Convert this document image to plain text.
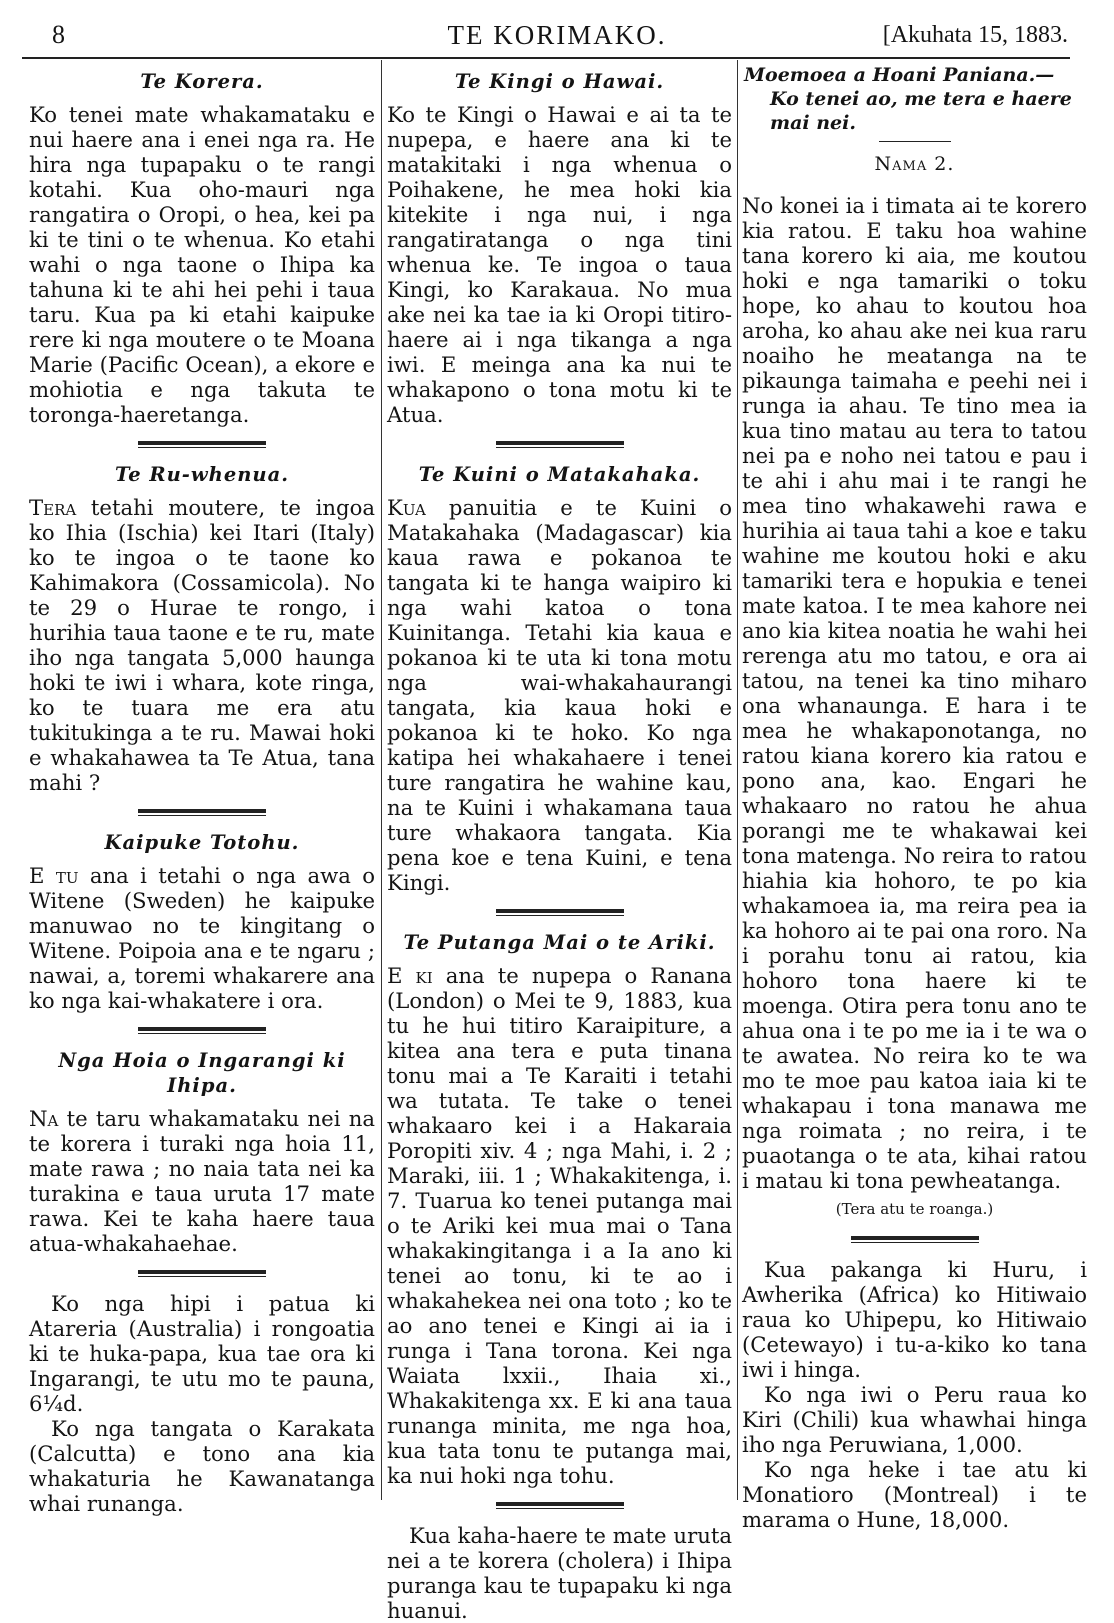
8	TE KORIMAKO.	[Akuhata 15, 1883.
Te Korera.

Ko tenei mate whakamataku e nui haere ana i enei nga ra. He hira nga tupapaku o te rangi kotahi. Kua oho-mauri nga rangatira o Oropi, o hea, kei pa ki te tini o te whenua. Ko etahi wahi o nga taone o Ihipa ka tahuna ki te ahi hei pehi i taua taru. Kua pa ki etahi kaipuke rere ki nga moutere o te Moana Marie (Pacific Ocean), a ekore e mohiotia e nga takuta te toronga-haeretanga.

Te Ru-whenua.

Tera tetahi moutere, te ingoa ko Ihia (Ischia) kei Itari (Italy) ko te ingoa o te taone ko Kahimakora (Cossamicola). No te 29 o Hurae te rongo, i hurihia taua taone e te ru, mate iho nga tangata 5,000 haunga hoki te iwi i whara, kote ringa, ko te tuara me era atu tukitukinga a te ru. Mawai hoki e whakahawea ta Te Atua, tana mahi ?

Kaipuke Totohu.

E tu ana i tetahi o nga awa o Witene (Sweden) he kaipuke manuwao no te kingitang o Witene. Poipoia ana e te ngaru ; nawai, a, toremi whakarere ana ko nga kai-whakatere i ora.

Nga Hoia o Ingarangi ki Ihipa.

Na te taru whakamataku nei na te korera i turaki nga hoia 11, mate rawa ; no naia tata nei ka turakina e taua uruta 17 mate rawa. Kei te kaha haere taua atua-whakahaehae.

Ko nga hipi i patua ki Atareria (Australia) i rongoatia ki te huka-papa, kua tae ora ki Ingarangi, te utu mo te pauna, 6¼d.

Ko nga tangata o Karakata (Calcutta) e tono ana kia whakaturia he Kawanatanga whai runanga.

Te Kingi o Hawai.

Ko te Kingi o Hawai e ai ta te nupepa, e haere ana ki te matakitaki i nga whenua o Poihakene, he mea hoki kia kitekite i nga nui, i nga rangatiratanga o nga tini whenua ke. Te ingoa o taua Kingi, ko Karakaua. No mua ake nei ka tae ia ki Oropi titiro-haere ai i nga tikanga a nga iwi. E meinga ana ka nui te whakapono o tona motu ki te Atua.

Te Kuini o Matakahaka.

Kua panuitia e te Kuini o Matakahaka (Madagascar) kia kaua rawa e pokanoa te tangata ki te hanga waipiro ki nga wahi katoa o tona Kuinitanga. Tetahi kia kaua e pokanoa ki te uta ki tona motu nga wai-whakahaurangi tangata, kia kaua hoki e pokanoa ki te hoko. Ko nga katipa hei whakahaere i tenei ture rangatira he wahine kau, na te Kuini i whakamana taua ture whakaora tangata. Kia pena koe e tena Kuini, e tena Kingi.

Te Putanga Mai o te Ariki.

E ki ana te nupepa o Ranana (London) o Mei te 9, 1883, kua tu he hui titiro Karaipiture, a kitea ana tera e puta tinana tonu mai a Te Karaiti i tetahi wa tutata. Te take o tenei whakaaro kei i a Hakaraia Poropiti xiv. 4 ; nga Mahi, i. 2 ; Maraki, iii. 1 ; Whakakitenga, i. 7. Tuarua ko tenei putanga mai o te Ariki kei mua mai o Tana whakakingitanga i a Ia ano ki tenei ao tonu, ki te ao i whakahekea nei ona toto ; ko te ao ano tenei e Kingi ai ia i runga i Tana torona. Kei nga Waiata lxxii., Ihaia xi., Whakakitenga xx. E ki ana taua runanga minita, me nga hoa, kua tata tonu te putanga mai, ka nui hoki nga tohu.

Kua kaha-haere te mate uruta nei a te korera (cholera) i Ihipa puranga kau te tupapaku ki nga huanui.

Moemoea a Hoani Paniana.—
Ko tenei ao, me tera e haere mai nei.
Nama 2.

No konei ia i timata ai te korero kia ratou. E taku hoa wahine tana korero ki aia, me koutou hoki e nga tamariki o toku hope, ko ahau to koutou hoa aroha, ko ahau ake nei kua raru noaiho he meatanga na te pikaunga taimaha e peehi nei i runga ia ahau. Te tino mea ia kua tino matau au tera to tatou nei pa e noho nei tatou e pau i te ahi i ahu mai i te rangi he mea tino whakawehi rawa e hurihia ai taua tahi a koe e taku wahine me koutou hoki e aku tamariki tera e hopukia e tenei mate katoa. I te mea kahore nei ano kia kitea noatia he wahi hei rerenga atu mo tatou, e ora ai tatou, na tenei ka tino miharo ona whanaunga. E hara i te mea he whakaponotanga, no ratou kiana korero kia ratou e pono ana, kao. Engari he whakaaro no ratou he ahua porangi me te whakawai kei tona matenga. No reira to ratou hiahia kia hohoro, te po kia whakamoea ia, ma reira pea ia ka hohoro ai te pai ona roro. Na i porahu tonu ai ratou, kia hohoro tona haere ki te moenga. Otira pera tonu ano te ahua ona i te po me ia i te wa o te awatea. No reira ko te wa mo te moe pau katoa iaia ki te whakapau i tona manawa me nga roimata ; no reira, i te puaotanga o te ata, kihai ratou i matau ki tona pewheatanga.

(Tera atu te roanga.)

Kua pakanga ki Huru, i Awherika (Africa) ko Hitiwaio raua ko Uhipepu, ko Hitiwaio (Cetewayo) i tu-a-kiko ko tana iwi i hinga.

Ko nga iwi o Peru raua ko Kiri (Chili) kua whawhai hinga iho nga Peruwiana, 1,000.

Ko nga heke i tae atu ki Monatioro (Montreal) i te marama o Hune, 18,000.
